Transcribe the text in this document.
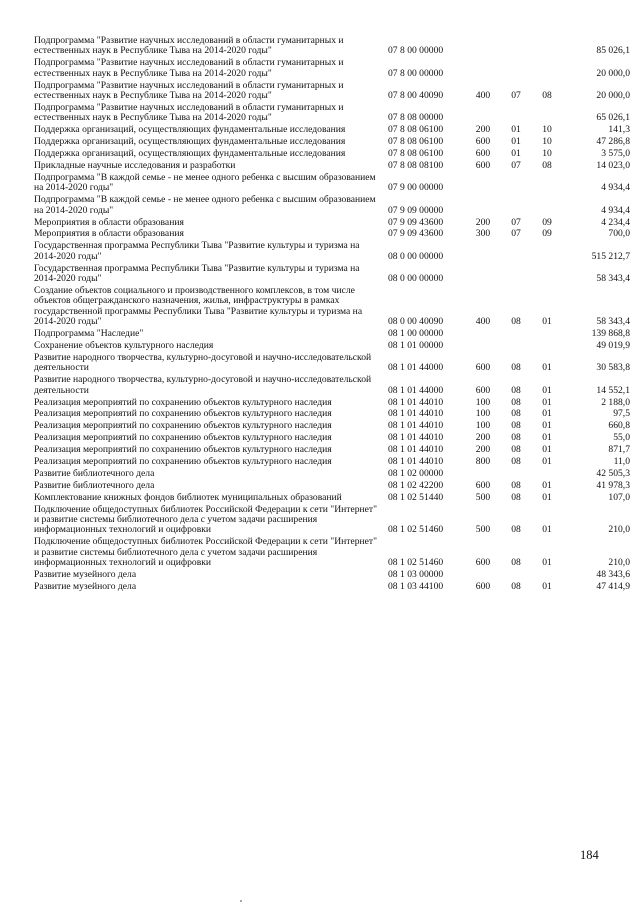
Подпрограмма "Развитие научных исследований в области гуманитарных и естественных наук в Республике Тыва на 2014-2020 годы"	07 8 00 00000				85 026,1
Подпрограмма "Развитие научных исследований в области гуманитарных и естественных наук в Республике Тыва на 2014-2020 годы"	07 8 00 00000				20 000,0
Подпрограмма "Развитие научных исследований в области гуманитарных и естественных наук в Республике Тыва на 2014-2020 годы"	07 8 00 40090	400	07	08	20 000,0
Подпрограмма "Развитие научных исследований в области гуманитарных и естественных наук в Республике Тыва на 2014-2020 годы"	07 8 08 00000				65 026,1
Поддержка организаций, осуществляющих фундаментальные исследования	07 8 08 06100	200	01	10	141,3
Поддержка организаций, осуществляющих фундаментальные исследования	07 8 08 06100	600	01	10	47 286,8
Поддержка организаций, осуществляющих фундаментальные исследования	07 8 08 06100	600	01	10	3 575,0
Прикладные научные исследования и разработки	07 8 08 08100	600	07	08	14 023,0
Подпрограмма "В каждой семье - не менее одного ребенка с высшим образованием на 2014-2020 годы"	07 9 00 00000				4 934,4
Подпрограмма "В каждой семье - не менее одного ребенка с высшим образованием на 2014-2020 годы"	07 9 09 00000				4 934,4
Мероприятия в области образования	07 9 09 43600	200	07	09	4 234,4
Мероприятия в области образования	07 9 09 43600	300	07	09	700,0
Государственная программа Республики Тыва "Развитие культуры и туризма на 2014-2020 годы"	08 0 00 00000				515 212,7
Государственная программа Республики Тыва "Развитие культуры и туризма на 2014-2020 годы"	08 0 00 00000				58 343,4
Создание объектов социального и производственного комплексов, в том числе объектов общегражданского назначения, жилья, инфраструктуры в рамках государственной программы Республики Тыва "Развитие культуры и туризма на 2014-2020 годы"	08 0 00 40090	400	08	01	58 343,4
Подпрограмма "Наследие"	08 1 00 00000				139 868,8
Сохранение объектов культурного наследия	08 1 01 00000				49 019,9
Развитие народного творчества, культурно-досуговой и научно-исследовательской деятельности	08 1 01 44000	600	08	01	30 583,8
Развитие народного творчества, культурно-досуговой и научно-исследовательской деятельности	08 1 01 44000	600	08	01	14 552,1
Реализация мероприятий по сохранению объектов культурного наследия	08 1 01 44010	100	08	01	2 188,0
Реализация мероприятий по сохранению объектов культурного наследия	08 1 01 44010	100	08	01	97,5
Реализация мероприятий по сохранению объектов культурного наследия	08 1 01 44010	100	08	01	660,8
Реализация мероприятий по сохранению объектов культурного наследия	08 1 01 44010	200	08	01	55,0
Реализация мероприятий по сохранению объектов культурного наследия	08 1 01 44010	200	08	01	871,7
Реализация мероприятий по сохранению объектов культурного наследия	08 1 01 44010	800	08	01	11,0
Развитие библиотечного дела	08 1 02 00000				42 505,3
Развитие библиотечного дела	08 1 02 42200	600	08	01	41 978,3
Комплектование книжных фондов библиотек муниципальных образований	08 1 02 51440	500	08	01	107,0
Подключение общедоступных библиотек Российской Федерации к сети "Интернет" и развитие системы библиотечного дела с учетом задачи расширения информационных технологий и оцифровки	08 1 02 51460	500	08	01	210,0
Подключение общедоступных библиотек Российской Федерации к сети "Интернет" и развитие системы библиотечного дела с учетом задачи расширения информационных технологий и оцифровки	08 1 02 51460	600	08	01	210,0
Развитие музейного дела	08 1 03 00000				48 343,6
Развитие музейного дела	08 1 03 44100	600	08	01	47 414,9
184
